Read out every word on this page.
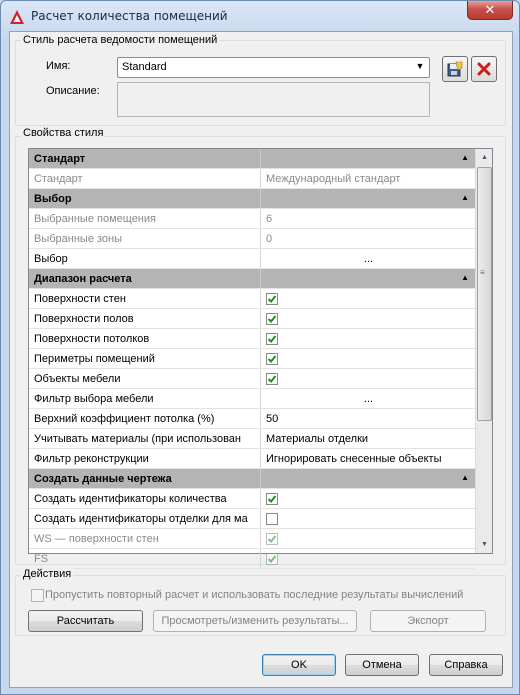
Расчет количества помещений	✕
Стиль расчета ведомости помещений
Имя:	Standard	▼
Описание:
Свойства стиля
Стандарт	▲
Стандарт	Международный стандарт
Выбор	▲
Выбранные помещения	6
Выбранные зоны	0
Выбор	...
Диапазон расчета	▲
Поверхности стен
Поверхности полов
Поверхности потолков
Периметры помещений
Объекты мебели
Фильтр выбора мебели	...
Верхний коэффициент потолка (%)	50
Учитывать материалы (при использован	Материалы отделки
Фильтр реконструкции	Игнорировать снесенные объекты
Создать данные чертежа	▲
Создать идентификаторы количества
Создать идентификаторы отделки для ма
WS — поверхности стен
FS
▲
≡
▼
Действия
Пропустить повторный расчет и использовать последние результаты вычислений
Рассчитать	Просмотреть/изменить результаты...	Экспорт
OK	Отмена	Справка
